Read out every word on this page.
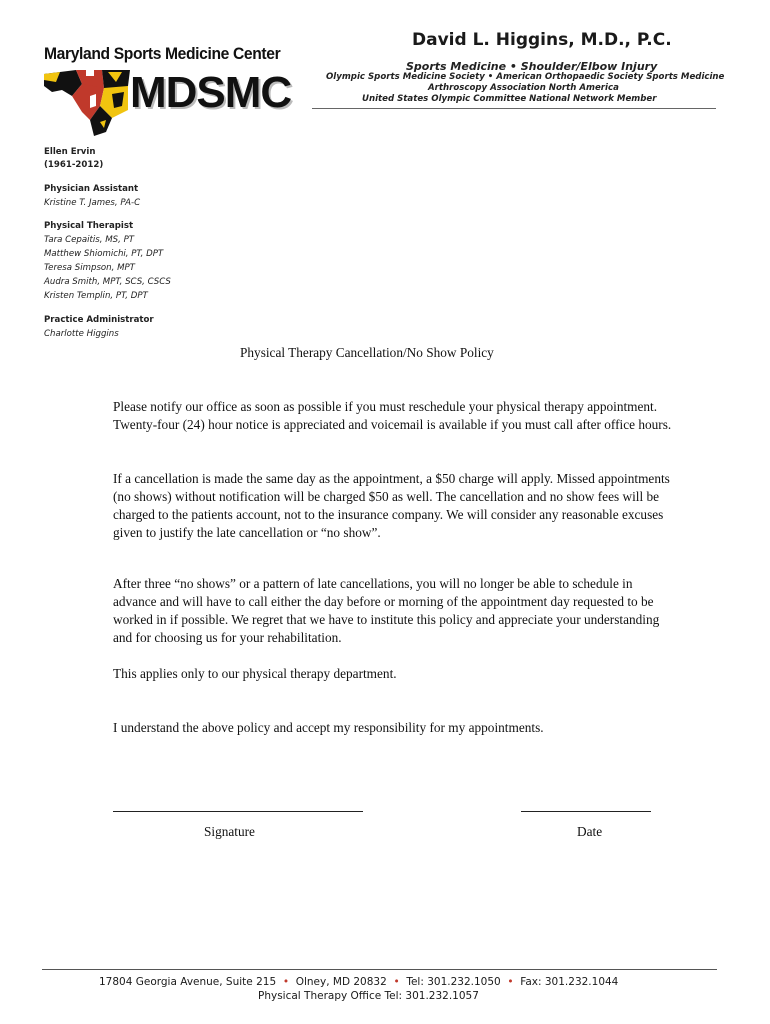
Maryland Sports Medicine Center
MDSMC
David L. Higgins, M.D., P.C.
Sports Medicine • Shoulder/Elbow Injury
Olympic Sports Medicine Society • American Orthopaedic Society Sports Medicine
Arthroscopy Association North America
United States Olympic Committee National Network Member
Ellen Ervin
(1961-2012)
Physician Assistant
Kristine T. James, PA-C
Physical Therapist
Tara Cepaitis, MS, PT
Matthew Shiomichi, PT, DPT
Teresa Simpson, MPT
Audra Smith, MPT, SCS, CSCS
Kristen Templin, PT, DPT
Practice Administrator
Charlotte Higgins
Physical Therapy Cancellation/No Show Policy
Please notify our office as soon as possible if you must reschedule your physical therapy appointment. Twenty-four (24) hour notice is appreciated and voicemail is available if you must call after office hours.
If a cancellation is made the same day as the appointment, a $50 charge will apply. Missed appointments (no shows) without notification will be charged $50 as well. The cancellation and no show fees will be charged to the patients account, not to the insurance company. We will consider any reasonable excuses given to justify the late cancellation or “no show”.
After three “no shows” or a pattern of late cancellations, you will no longer be able to schedule in advance and will have to call either the day before or morning of the appointment day requested to be worked in if possible. We regret that we have to institute this policy and appreciate your understanding and for choosing us for your rehabilitation.
This applies only to our physical therapy department.
I understand the above policy and accept my responsibility for my appointments.
Signature	Date
17804 Georgia Avenue, Suite 215  •  Olney, MD 20832  •  Tel: 301.232.1050  •  Fax: 301.232.1044
Physical Therapy Office Tel: 301.232.1057
